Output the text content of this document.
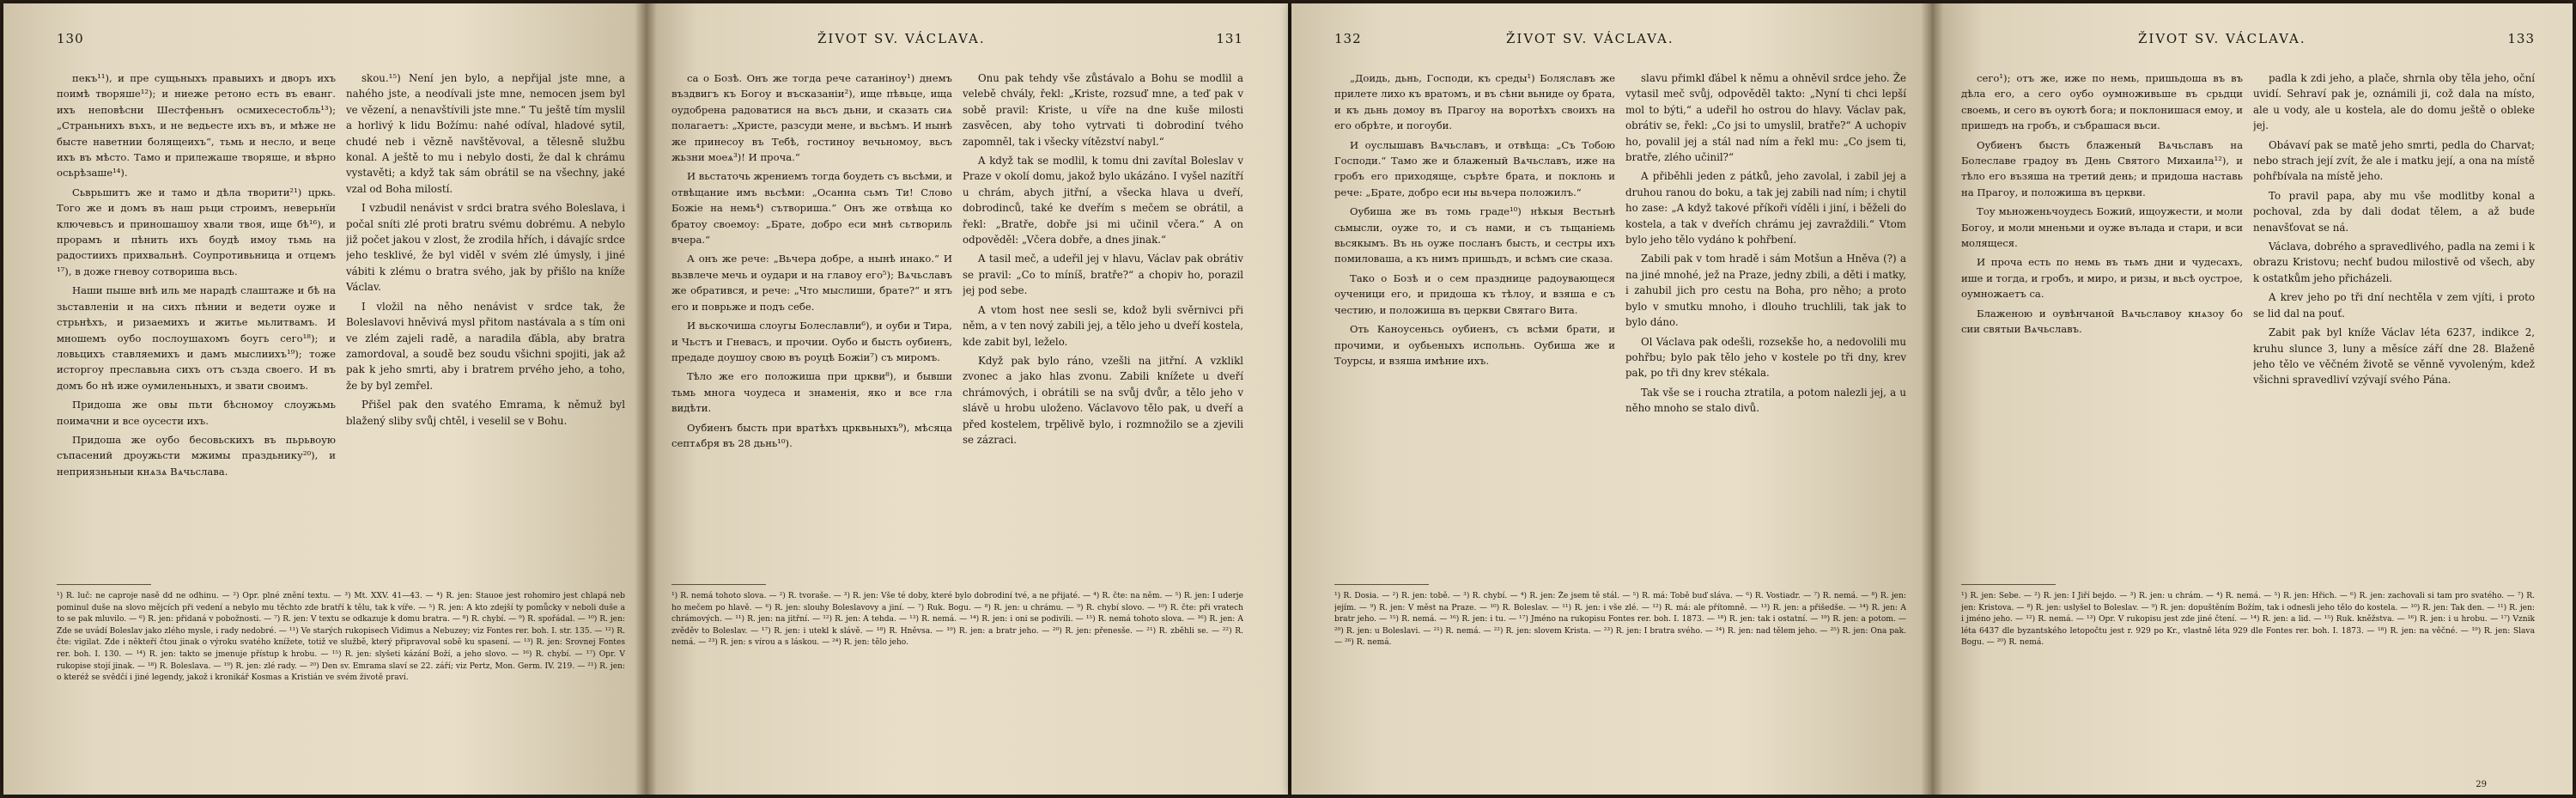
130

пекъ¹¹), и пре сущьныхъ правыихъ и дворъ ихъ поимѣ творяше¹²); и ниеже ретоно есть въ еванг. ихъ неповѣсни Шестфеньнъ осмихесестобль¹³); „Страньнихъ въхъ, и не ведьесте ихъ въ, и мѣже не бысте наветнии болящеихъ“, тьмь и несло, и веце ихъ въ мѣсто. Тамо и прилежаше творяше, и вѣрно осьрѣзаше¹⁴).

Сьврьшитъ же и тамо и дѣла творити²¹) цркь. Того же и домъ въ наш рьци строимъ, неверьнїи ключевьсъ и приношашоу хвали твоя, ище бѣ¹⁶), и прорамъ и пѣнить ихъ боудѣ имоу тьмь на радостиихъ прихвальнѣ. Соупротивьница и отцемъ ¹⁷), в доже гневоу сотвориша вьсь.

Наши пыше внѣ иль ме нарадѣ слаштаже и бѣ на зьставленіи и на сихъ пѣнии и ведети оуже и стрьнѣхъ, и ризаемихъ и житье мьлитвамъ. И мношемъ оубо послоушахомъ боугь сего¹⁸); и ловьцихъ ставляемихъ и дамъ мыслиихъ¹⁹); тоже исторгоу преславьна сихъ отъ създа своего. И въ домъ бо нѣ иже оумиленьныхъ, и звати своимъ.

Придоша же овы пьти бѣсномоу слоужьмь поимачни и все оусести ихъ.

Придоша же оубо бесовьскихъ въ пьрьвоую съпасений дроужьсти мжимы праздьнику²⁰), и неприязньныи кнѧзѧ Вѧчьслава.

skou.¹⁵) Není jen bylo, a nepřijal jste mne, a nahého jste, a neodívali jste mne, nemocen jsem byl ve vězení, a nenavštívili jste mne.“ Tu ještě tím myslil a horlivý k lidu Božímu: nahé odíval, hladové sytil, chudé neb i vězně navštěvoval, a tělesně službu konal. A ještě to mu i nebylo dosti, že dal k chrámu vystavěti; a když tak sám obrátil se na všechny, jaké vzal od Boha milostí.

I vzbudil nenávist v srdci bratra svého Boleslava, i počal sníti zlé proti bratru svému dobrému. A nebylo již počet jakou v zlost, že zrodila hřích, i dávajíc srdce jeho tesklivé, že byl viděl v svém zlé úmysly, i jiné vábiti k zlému o bratra svého, jak by přišlo na kníže Václav.

I vložil na něho nenávist v srdce tak, že Boleslavovi hněvivá mysl přitom nastávala a s tím oni ve zlém zajeli radě, a naradila ďábla, aby bratra zamordoval, a soudě bez soudu všichni spojiti, jak až pak k jeho smrti, aby i bratrem prvého jeho, a toho, že by byl zemřel.

Přišel pak den svatého Emrama, k němuž byl blažený sliby svůj chtěl, i veselil se v Bohu.

¹) R. luč: ne caproje nasě dd ne odhinu. — ²) Opr. plné znění textu. — ³) Mt. XXV. 41—43. — ⁴) R. jen: Stauoe jest rohomiro jest chlapá neb pominul duše na slovo mějcích při vedení a nebylo mu těchto zde bratří k tělu, tak k víře. — ⁵) R. jen: A kto zdejší ty pomůcky v neboli duše a to se pak mluvilo. — ⁶) R. jen: přidaná v pobožnosti. — ⁷) R. jen: V textu se odkazuje k domu bratra. — ⁸) R. chybí. — ⁹) R. spořádal. — ¹⁰) R. jen: Zde se uvádí Boleslav jako zlého mysle, i rady nedobré. — ¹¹) Ve starých rukopisech Vidimus a Nebuzey; viz Fontes rer. boh. I. str. 135. — ¹²) R. čte: vigilat. Zde i někteří čtou jinak o výroku svatého knížete, totiž ve službě, který připravoval sobě ku spasení. — ¹³) R. jen: Srovnej Fontes rer. boh. I. 130. — ¹⁴) R. jen: takto se jmenuje přístup k hrobu. — ¹⁵) R. jen: slyšeti kázání Boží, a jeho slovo. — ¹⁶) R. chybí. — ¹⁷) Opr. V rukopise stojí jinak. — ¹⁸) R. Boleslava. — ¹⁹) R. jen: zlé rady. — ²⁰) Den sv. Emrama slaví se 22. září; viz Pertz, Mon. Germ. IV. 219. — ²¹) R. jen: o kteréž se svědčí i jiné legendy, jakož i kronikář Kosmas a Kristián ve svém životě praví.
ŽIVOT SV. VÁCLAVA.	131

са о Бозѣ. Онъ же тогда рече сатаніноу¹) днемъ въздвигъ къ Богоу и въсказаніи²), ище пѣвьце, ища оудобрена радоватися на вьсъ дьни, и сказать сиѧ полагаетъ: „Христе, разсуди мене, и вьсѣмъ. И нынѣ же принесоу въ Тебѣ, гостиноу вечьномоу, вьсъ жьзни моеѧ³)! И проча.“

И вьстаточь жрениемъ тогда боудеть съ вьсѣми, и отвѣщание имъ вьсѣми: „Осанна сьмъ Ти! Слово Божіе на немь⁴) сътвориша.“ Онъ же отвѣща ко братоу своемоу: „Брате, добро еси мнѣ сьтвориль вчера.“

А онъ же рече: „Вьчера добре, а нынѣ инако.“ И вьзвлече мечь и оудари и на главоу его⁵); Вѧчьславъ же обратився, и рече: „Что мыслиши, брате?“ и ятъ его и поврьже и подъ себе.

И вьскочиша слоугы Болеславли⁶), и оуби и Тира, и Чьстъ и Гневасъ, и прочии. Оубо и бысть оубиенъ, предаде доушоу свою въ роуцѣ Божіи⁷) съ миромъ.

Тѣло же его положиша при цркви⁸), и бывши тьмь многа чоудеса и знаменія, яко и все гла видѣти.

Оубиенъ бысть при вратѣхъ црквьныхъ⁹), мѣсяца септѧбря въ 28 дьнь¹⁰).

Onu pak tehdy vše zůstávalo a Bohu se modlil a velebě chvály, řekl: „Kriste, rozsuď mne, a teď pak v sobě pravil: Kriste, u víře na dne kuše milosti zasvěcen, aby toho vytrvati ti dobrodiní tvého zapomněl, tak i všecky vítězství nabyl.“

A když tak se modlil, k tomu dni zavítal Boleslav v Praze v okolí domu, jakož bylo ukázáno. I vyšel nazítří u chrám, abych jitřní, a všecka hlava u dveří, dobrodinců, také ke dveřím s mečem se obrátil, a řekl: „Bratře, dobře jsi mi učinil včera.“ A on odpověděl: „Včera dobře, a dnes jinak.“

A tasil meč, a udeřil jej v hlavu, Václav pak obrátiv se pravil: „Co to míníš, bratře?“ a chopiv ho, porazil jej pod sebe.

A vtom host nee sesli se, kdož byli svěrnivci při něm, a v ten nový zabili jej, a tělo jeho u dveří kostela, kde zabit byl, leželo.

Když pak bylo ráno, vzešli na jitřní. A vzklikl zvonec a jako hlas zvonu. Zabili knížete u dveří chrámových, i obrátili se na svůj dvůr, a tělo jeho v slávě u hrobu uloženo. Václavovo tělo pak, u dveří a před kostelem, trpělivě bylo, i rozmnožilo se a zjevili se zázraci.

¹) R. nemá tohoto slova. — ²) R. tvoraše. — ³) R. jen: Vše té doby, které bylo dobrodiní tvé, a ne přijaté. — ⁴) R. čte: na něm. — ⁵) R. jen: I uderje ho mečem po hlavě. — ⁶) R. jen: slouhy Boleslavovy a jiní. — ⁷) Ruk. Bogu. — ⁸) R. jen: u chrámu. — ⁹) R. chybí slovo. — ¹⁰) R. čte: při vratech chrámových. — ¹¹) R. jen: na jitřní. — ¹²) R. jen: A tehda. — ¹³) R. nemá. — ¹⁴) R. jen: i oni se podivili. — ¹⁵) R. nemá tohoto slova. — ¹⁶) R. jen: A zvěděv to Boleslav. — ¹⁷) R. jen: i utekl k slávě. — ¹⁸) R. Hněvsa. — ¹⁹) R. jen: a bratr jeho. — ²⁰) R. jen: přenesše. — ²¹) R. zběhli se. — ²²) R. nemá. — ²³) R. jen: s vírou a s láskou. — ²⁴) R. jen: tělo jeho.
132	ŽIVOT SV. VÁCLAVA.

„Доидь, дьнь, Господи, къ среды¹) Боляславъ же прилете лихо къ вратомъ, и въ сѣни вьниде оу брата, и къ дьнь домоу въ Прагоу на воротѣхъ своихъ на его обрѣте, и погоуби.

И оуслышавъ Вѧчьславъ, и отвѣща: „Съ Тобою Господи.“ Тамо же и блаженый Вѧчьславъ, иже на гробъ его приходяще, сърѣте брата, и поклонь и рече: „Брате, добро еси ны вьчера положилъ.“

Оубиша же въ томь граде¹⁰) нѣкыя Вестьнѣ сьмысли, оуже то, и съ нами, и съ тьщаніемь вьсякымъ. Въ нь оуже посланъ бысть, и сестры ихъ помиловаша, а къ нимъ пришьдъ, и всѣмъ сие сказа.

Тако о Бозѣ и о сем празднице радоувающеся оученици его, и придоша къ тѣлоу, и взяша е съ честию, и положиша въ церкви Святаго Вита.

Оть Каноусеньсь оубиенъ, съ всѣми брати, и прочими, и оубьеныхъ испольнь. Оубиша же и Тоурсы, и взяша имѣние ихъ.

slavu přimkl ďábel k němu a ohněvil srdce jeho. Že vytasil meč svůj, odpověděl takto: „Nyní ti chci lepší mol to býti,“ a udeřil ho ostrou do hlavy. Václav pak, obrátiv se, řekl: „Co jsi to umyslil, bratře?“ A uchopiv ho, povalil jej a stál nad ním a řekl mu: „Co jsem ti, bratře, zlého učinil?“

A přiběhli jeden z pátků, jeho zavolal, i zabil jej a druhou ranou do boku, a tak jej zabili nad ním; i chytil ho zase: „A když takové příkoři víděli i jiní, i běželi do kostela, a tak v dveřích chrámu jej zavraždili.“ Vtom bylo jeho tělo vydáno k pohřbení.

Zabili pak v tom hradě i sám Motšun a Hněva (?) a na jiné mnohé, jež na Praze, jedny zbili, a děti i matky, i zahubil jich pro cestu na Boha, pro něho; a proto bylo v smutku mnoho, i dlouho truchlili, tak jak to bylo dáno.

Ol Václava pak odešli, rozsekše ho, a nedovolili mu pohřbu; bylo pak tělo jeho v kostele po tři dny, krev pak, po tři dny krev stékala.

Tak vše se i roucha ztratila, a potom nalezli jej, a u něho mnoho se stalo divů.

¹) R. Dosia. — ²) R. jen: tobě. — ³) R. chybí. — ⁴) R. jen: Že jsem tě stál. — ⁵) R. má: Tobě buď sláva. — ⁶) R. Vostiadr. — ⁷) R. nemá. — ⁸) R. jen: jejím. — ⁹) R. jen: V měst na Praze. — ¹⁰) R. Boleslav. — ¹¹) R. jen: i vše zlé. — ¹²) R. má: ale přítomně. — ¹³) R. jen: a přišedše. — ¹⁴) R. jen: A bratr jeho. — ¹⁵) R. nemá. — ¹⁶) R. jen: i tu. — ¹⁷) Jméno na rukopisu Fontes rer. boh. I. 1873. — ¹⁸) R. jen: tak i ostatní. — ¹⁹) R. jen: a potom. — ²⁰) R. jen: u Boleslavi. — ²¹) R. nemá. — ²²) R. jen: slovem Krista. — ²³) R. jen: I bratra svého. — ²⁴) R. jen: nad tělem jeho. — ²⁵) R. jen: Ona pak. — ²⁶) R. nemá.
ŽIVOT SV. VÁCLAVA.	133

сего¹); отъ же, иже по немь, пришьдоша въ въ дѣла его, а сего оубо оумноживьше въ срьдци своемь, и сего въ оуютѣ бога; и поклонишася емоу, и пришедъ на гробъ, и събрашася вьси.

Оубиенъ бысть блаженый Вѧчьславъ на Болеславе градоу въ День Святого Михаила¹²), и тѣло его възяша на третий день; и придоша наставь на Прагоу, и положиша въ церкви.

Тоу мьноженьчоудесь Божий, ищоужести, и моли Богоу, и моли мненьми и оуже вълада и стари, и вси молящеся.

И проча есть по немь въ тьмъ дни и чудесахъ, ише и тогда, и гробъ, и миро, и ризы, и вьсѣ оустрое, оумножаетъ са.

Блаженою и оувѣнчаной Вѧчьславоу кнѧзоу бо сии святыи Вѧчьславъ.

padla k zdi jeho, a plače, shrnla oby těla jeho, oční uvidí. Sehraví pak je, oznámili ji, což dala na místo, ale u vody, ale u kostela, ale do domu ještě o obleke jej.

Obávaví pak se matě jeho smrti, pedla do Charvat; nebo strach její zvít, že ale i matku její, a ona na místě pohřbívala na místě jeho.

To pravil papa, aby mu vše modlitby konal a pochoval, zda by dali dodat tělem, a až bude nenavšťovat se ná.

Václava, dobrého a spravedlivého, padla na zemi i k obrazu Kristovu; nechť budou milostivě od všech, aby k ostatkům jeho přicházeli.

A krev jeho po tři dní nechtěla v zem vjíti, i proto se lid dal na pouť.

Zabit pak byl kníže Václav léta 6237, indikce 2, kruhu slunce 3, luny a měsíce září dne 28. Blaženě jeho tělo ve věčném životě se věnně vyvoleným, kdež všichni spravedliví vzývají svého Pána.

¹) R. jen: Sebe. — ²) R. jen: I Jiří bejdo. — ³) R. jen: u chrám. — ⁴) R. nemá. — ⁵) R. jen: Hřich. — ⁶) R. jen: zachovali si tam pro svatého. — ⁷) R. jen: Kristova. — ⁸) R. jen: uslyšel to Boleslav. — ⁹) R. jen: dopuštěním Božím, tak i odnesli jeho tělo do kostela. — ¹⁰) R. jen: Tak den. — ¹¹) R. jen: i jméno jeho. — ¹²) R. nemá. — ¹³) Opr. V rukopisu jest zde jiné čtení. — ¹⁴) R. jen: a lid. — ¹⁵) Ruk. kněžstva. — ¹⁶) R. jen: i u hrobu. — ¹⁷) Vznik léta 6437 dle byzantského letopočtu jest r. 929 po Kr., vlastně léta 929 dle Fontes rer. boh. I. 1873. — ¹⁸) R. jen: na věčné. — ¹⁹) R. jen: Slava Bogu. — ²⁰) R. nemá.
29
